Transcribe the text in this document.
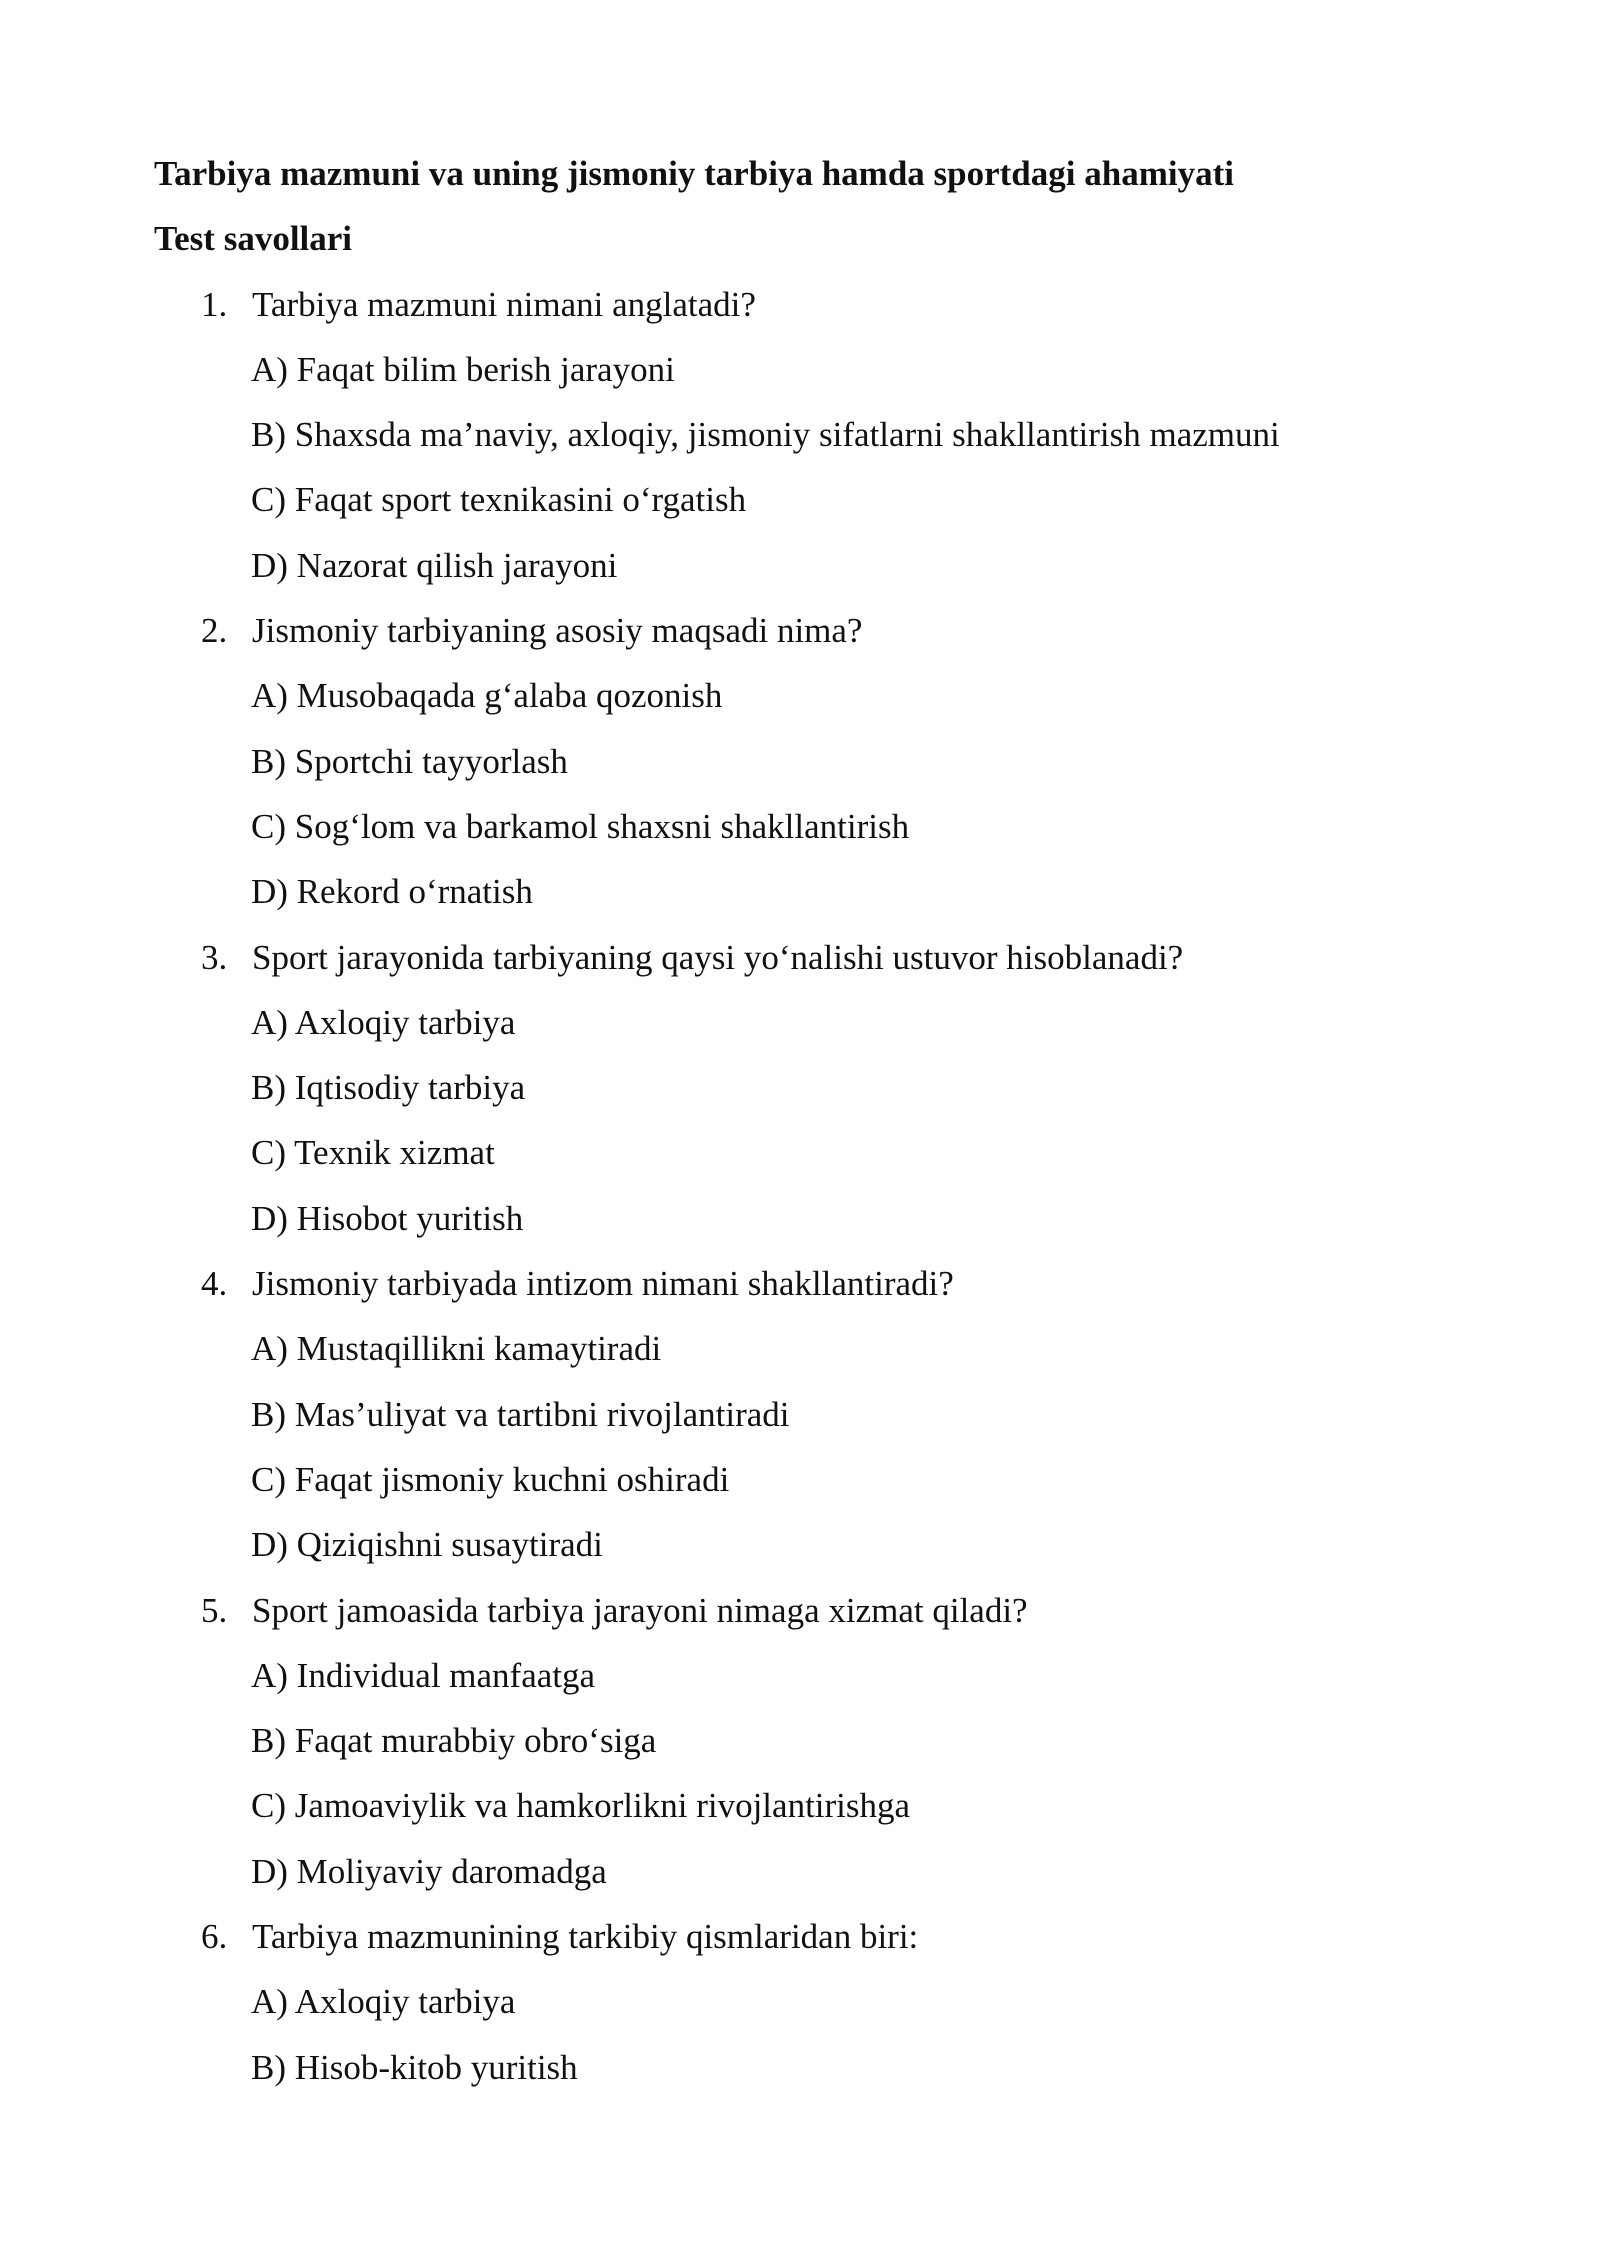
Tarbiya mazmuni va uning jismoniy tarbiya hamda sportdagi ahamiyati
Test savollari
1. Tarbiya mazmuni nimani anglatadi?
A) Faqat bilim berish jarayoni
B) Shaxsda ma’naviy, axloqiy, jismoniy sifatlarni shakllantirish mazmuni
C) Faqat sport texnikasini o‘rgatish
D) Nazorat qilish jarayoni
2. Jismoniy tarbiyaning asosiy maqsadi nima?
A) Musobaqada g‘alaba qozonish
B) Sportchi tayyorlash
C) Sog‘lom va barkamol shaxsni shakllantirish
D) Rekord o‘rnatish
3. Sport jarayonida tarbiyaning qaysi yo‘nalishi ustuvor hisoblanadi?
A) Axloqiy tarbiya
B) Iqtisodiy tarbiya
C) Texnik xizmat
D) Hisobot yuritish
4. Jismoniy tarbiyada intizom nimani shakllantiradi?
A) Mustaqillikni kamaytiradi
B) Mas’uliyat va tartibni rivojlantiradi
C) Faqat jismoniy kuchni oshiradi
D) Qiziqishni susaytiradi
5. Sport jamoasida tarbiya jarayoni nimaga xizmat qiladi?
A) Individual manfaatga
B) Faqat murabbiy obro‘siga
C) Jamoaviylik va hamkorlikni rivojlantirishga
D) Moliyaviy daromadga
6. Tarbiya mazmunining tarkibiy qismlaridan biri:
A) Axloqiy tarbiya
B) Hisob-kitob yuritish
